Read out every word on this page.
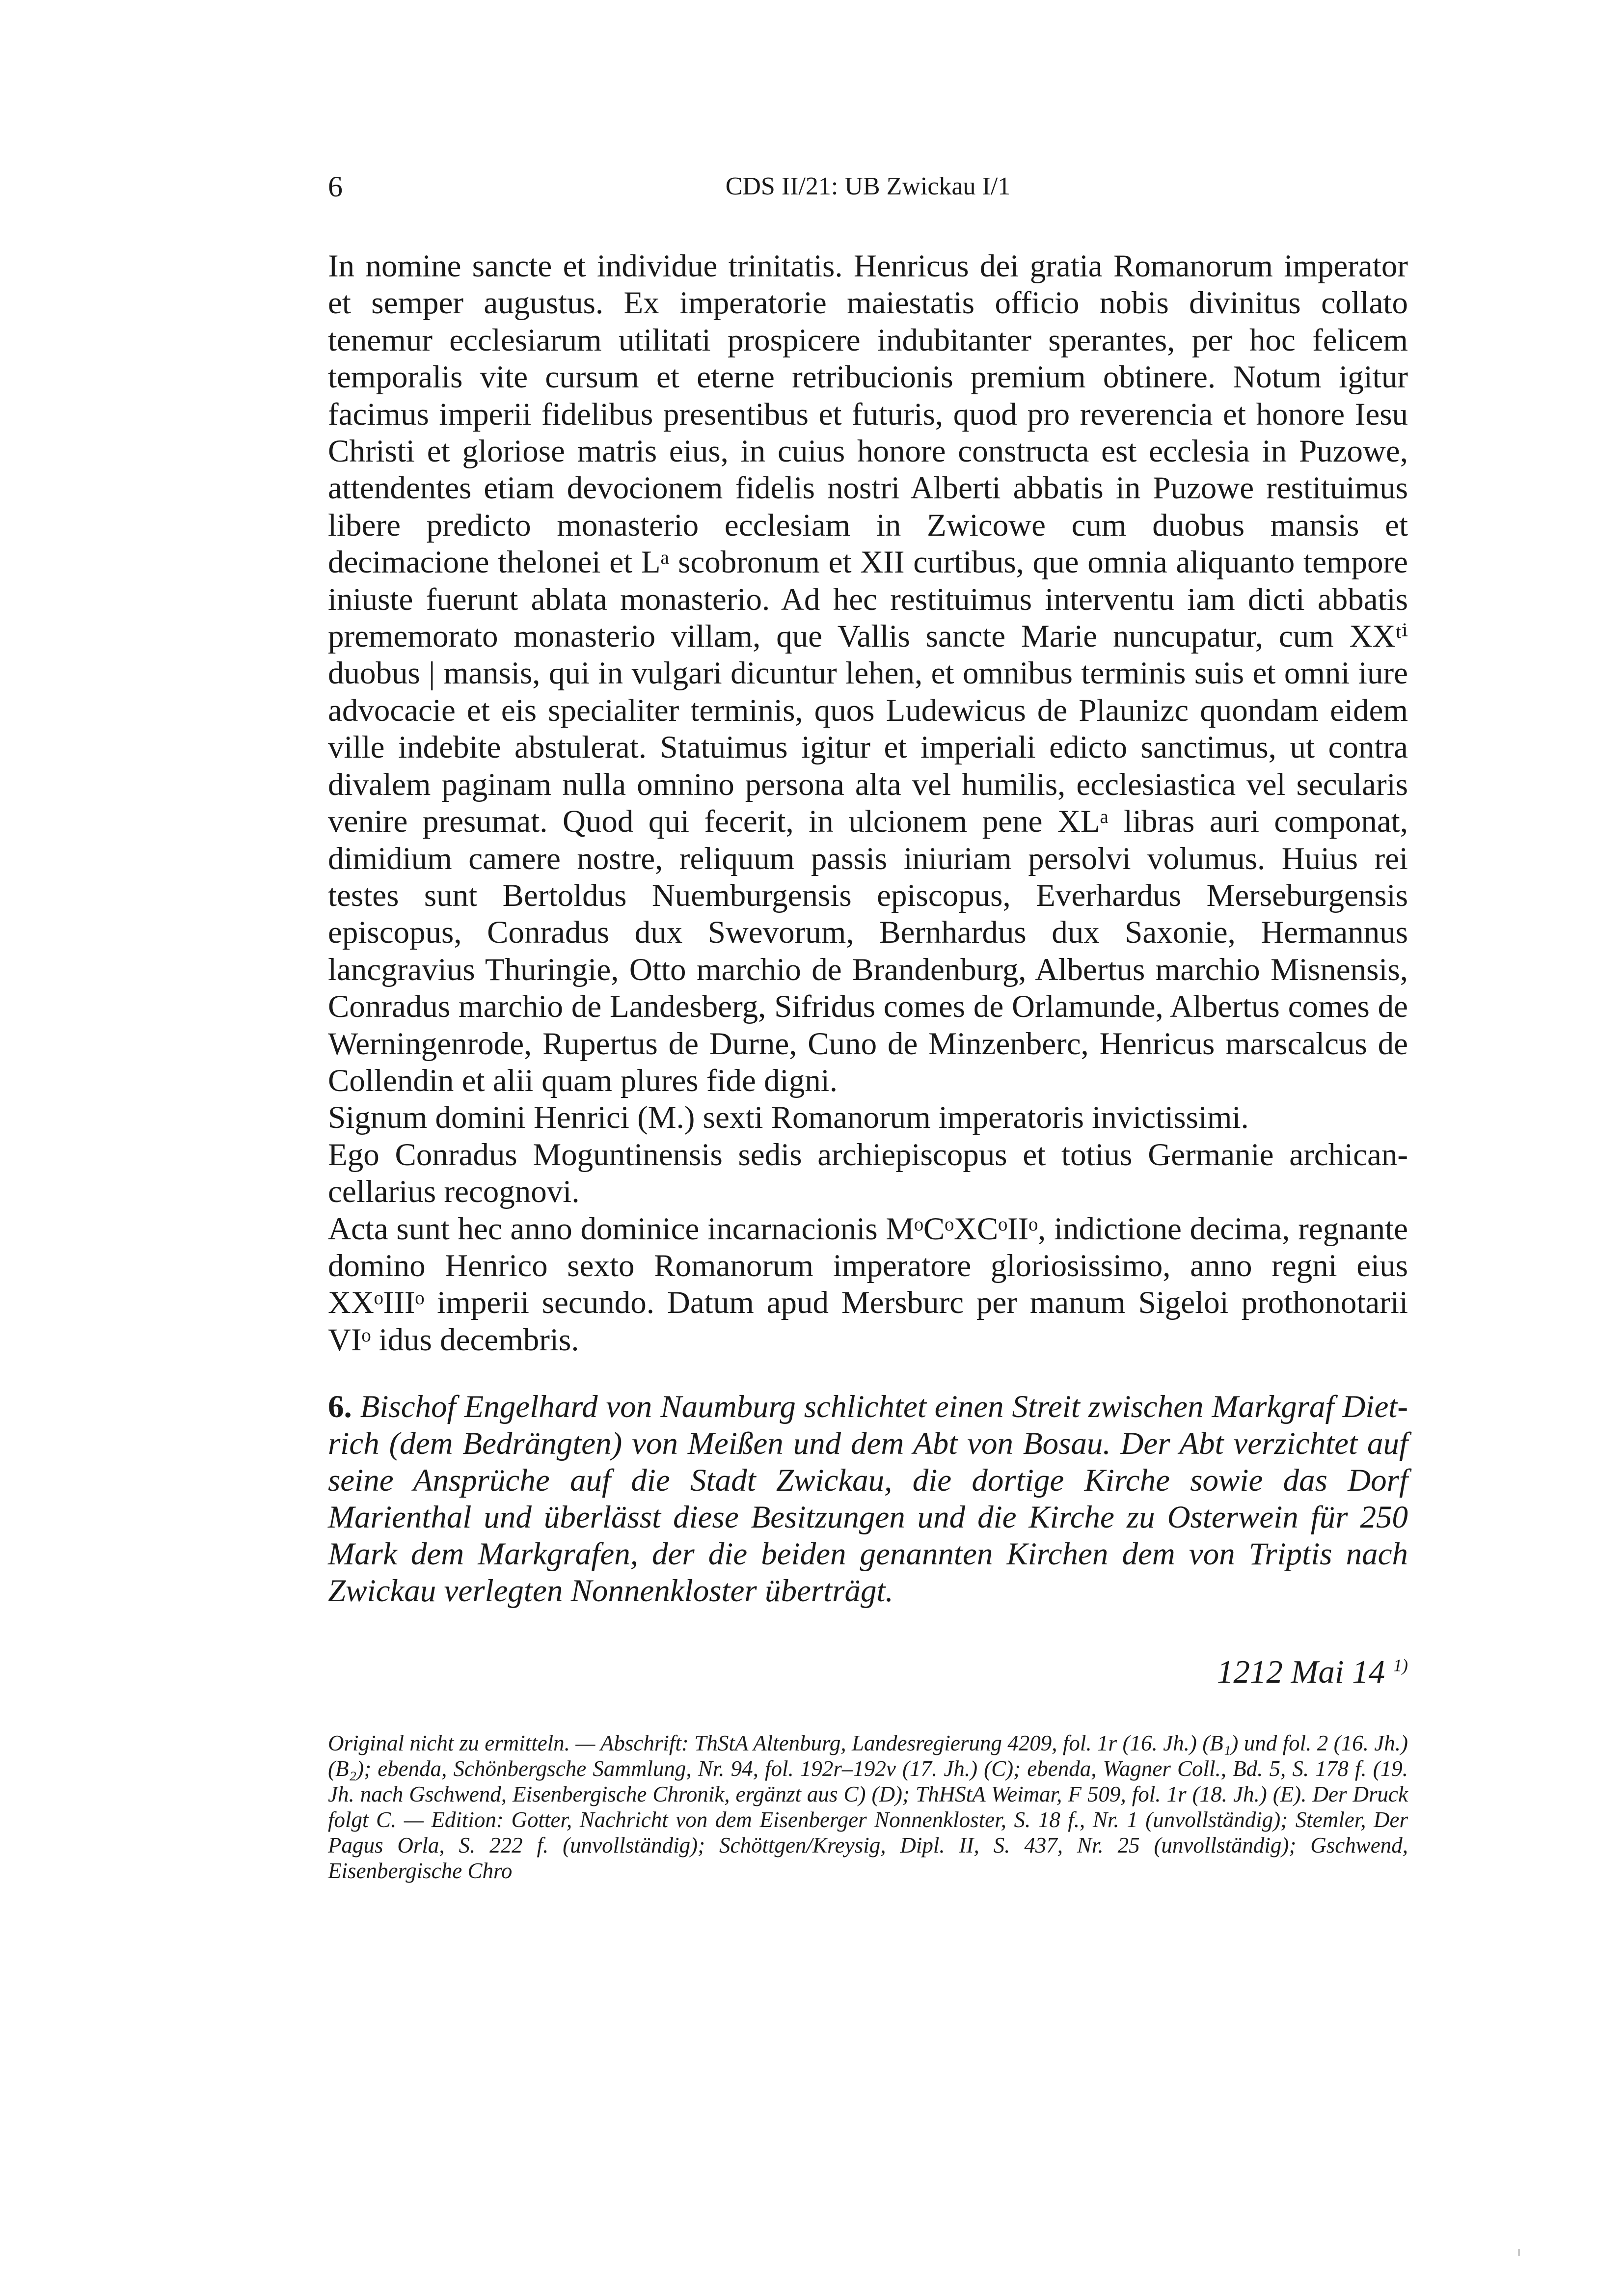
6	CDS II/21: UB Zwickau I/1

In nomine sancte et individue trinitatis. Henricus dei gratia Romanorum imperator et semper augustus. Ex imperatorie maiestatis officio nobis divinitus collato tenemur ecclesiarum utilitati prospicere indubitanter sperantes, per hoc felicem temporalis vite cursum et eterne retribucionis premium obtinere. Notum igitur facimus imperii fidelibus presentibus et futuris, quod pro reverencia et honore Iesu Christi et gloriose matris eius, in cuius honore constructa est ecclesia in Puzowe, attendentes etiam devocionem fidelis nostri Alberti abbatis in Puzowe restituimus libere predicto monasterio ecclesiam in Zwicowe cum duobus mansis et decimacione thelonei et Lᵃ scobronum et XII curtibus, que omnia aliquanto tempore iniuste fuerunt ablata monasterio. Ad hec restituimus interventu iam dicti abbatis prememorato monasterio villam, que Vallis sancte Marie nuncupatur, cum XXᵗⁱ duobus | mansis, qui in vulgari dicuntur lehen, et omnibus terminis suis et omni iure advocacie et eis specialiter terminis, quos Ludewicus de Plaunizc quondam eidem ville indebite abstulerat. Statuimus igitur et imperiali edicto sanctimus, ut contra divalem paginam nulla omnino persona alta vel humilis, ecclesiastica vel secularis venire presumat. Quod qui fecerit, in ulcionem pene XLᵃ libras auri componat, dimidium camere nostre, reliquum passis iniuriam persolvi volumus. Huius rei testes sunt Bertoldus Nuemburgensis episcopus, Everhardus Merseburgensis episcopus, Conradus dux Swevorum, Bernhardus dux Saxonie, Hermannus lancgravius Thuringie, Otto marchio de Brandenburg, Albertus marchio Misnensis, Conradus marchio de Landesberg, Sifridus comes de Orlamunde, Albertus comes de Werningenrode, Rupertus de Durne, Cuno de Minzenberc, Henricus marscalcus de Collendin et alii quam plures fide digni.

Signum domini Henrici (M.) sexti Romanorum imperatoris invictissimi.

Ego Conradus Moguntinensis sedis archiepiscopus et totius Germanie archicancellarius recognovi.

Acta sunt hec anno dominice incarnacionis MᵒCᵒXCᵒIIᵒ, indictione decima, regnante domino Henrico sexto Romanorum imperatore gloriosissimo, anno regni eius XXᵒIIIᵒ imperii secundo. Datum apud Mersburc per manum Sigeloi prothonotarii VIᵒ idus decembris.

6. Bischof Engelhard von Naumburg schlichtet einen Streit zwischen Markgraf Dietrich (dem Bedrängten) von Meißen und dem Abt von Bosau. Der Abt verzichtet auf seine Ansprüche auf die Stadt Zwickau, die dortige Kirche sowie das Dorf Marienthal und überlässt diese Besitzungen und die Kirche zu Osterwein für 250 Mark dem Markgrafen, der die beiden genannten Kirchen dem von Triptis nach Zwickau verlegten Nonnenkloster überträgt.
1212 Mai 14 $^{1)}$
Original nicht zu ermitteln. — Abschrift: ThStA Altenburg, Landesregierung 4209, fol. 1r (16. Jh.) (B₁) und fol. 2 (16. Jh.) (B₂); ebenda, Schönbergsche Sammlung, Nr. 94, fol. 192r–192v (17. Jh.) (C); ebenda, Wagner Coll., Bd. 5, S. 178 f. (19. Jh. nach Gschwend, Eisenbergische Chronik, ergänzt aus C) (D); ThHStA Weimar, F 509, fol. 1r (18. Jh.) (E). Der Druck folgt C. — Edition: Gotter, Nachricht von dem Eisenberger Nonnenkloster, S. 18 f., Nr. 1 (unvollständig); Stemler, Der Pagus Orla, S. 222 f. (unvollständig); Schöttgen/Kreysig, Dipl. II, S. 437, Nr. 25 (unvollständig); Gschwend, Eisenbergische Chro
